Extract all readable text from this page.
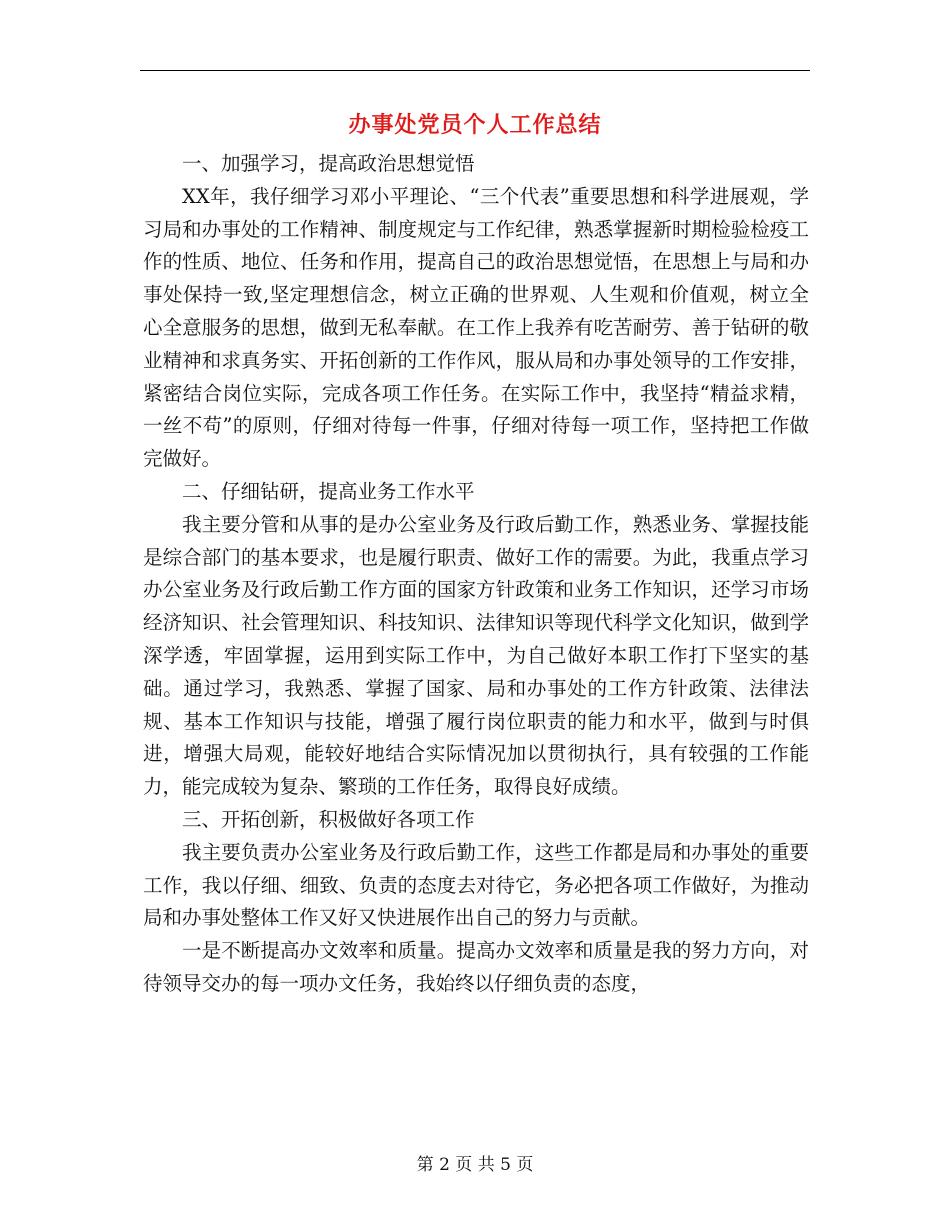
办事处党员个人工作总结

一、加强学习，提高政治思想觉悟

XX年，我仔细学习邓小平理论、“三个代表”重要思想和科学进展观，学习局和办事处的工作精神、制度规定与工作纪律，熟悉掌握新时期检验检疫工作的性质、地位、任务和作用，提高自己的政治思想觉悟，在思想上与局和办事处保持一致,坚定理想信念，树立正确的世界观、人生观和价值观，树立全心全意服务的思想，做到无私奉献。在工作上我养有吃苦耐劳、善于钻研的敬业精神和求真务实、开拓创新的工作作风，服从局和办事处领导的工作安排，紧密结合岗位实际，完成各项工作任务。在实际工作中，我坚持“精益求精，一丝不苟”的原则，仔细对待每一件事，仔细对待每一项工作，坚持把工作做完做好。

二、仔细钻研，提高业务工作水平

我主要分管和从事的是办公室业务及行政后勤工作，熟悉业务、掌握技能是综合部门的基本要求，也是履行职责、做好工作的需要。为此，我重点学习办公室业务及行政后勤工作方面的国家方针政策和业务工作知识，还学习市场经济知识、社会管理知识、科技知识、法律知识等现代科学文化知识，做到学深学透，牢固掌握，运用到实际工作中，为自己做好本职工作打下坚实的基础。通过学习，我熟悉、掌握了国家、局和办事处的工作方针政策、法律法规、基本工作知识与技能，增强了履行岗位职责的能力和水平，做到与时俱进，增强大局观，能较好地结合实际情况加以贯彻执行，具有较强的工作能力，能完成较为复杂、繁琐的工作任务，取得良好成绩。

三、开拓创新，积极做好各项工作

我主要负责办公室业务及行政后勤工作，这些工作都是局和办事处的重要工作，我以仔细、细致、负责的态度去对待它，务必把各项工作做好，为推动局和办事处整体工作又好又快进展作出自己的努力与贡献。

一是不断提高办文效率和质量。提高办文效率和质量是我的努力方向，对待领导交办的每一项办文任务，我始终以仔细负责的态度，

第 2 页 共 5 页
